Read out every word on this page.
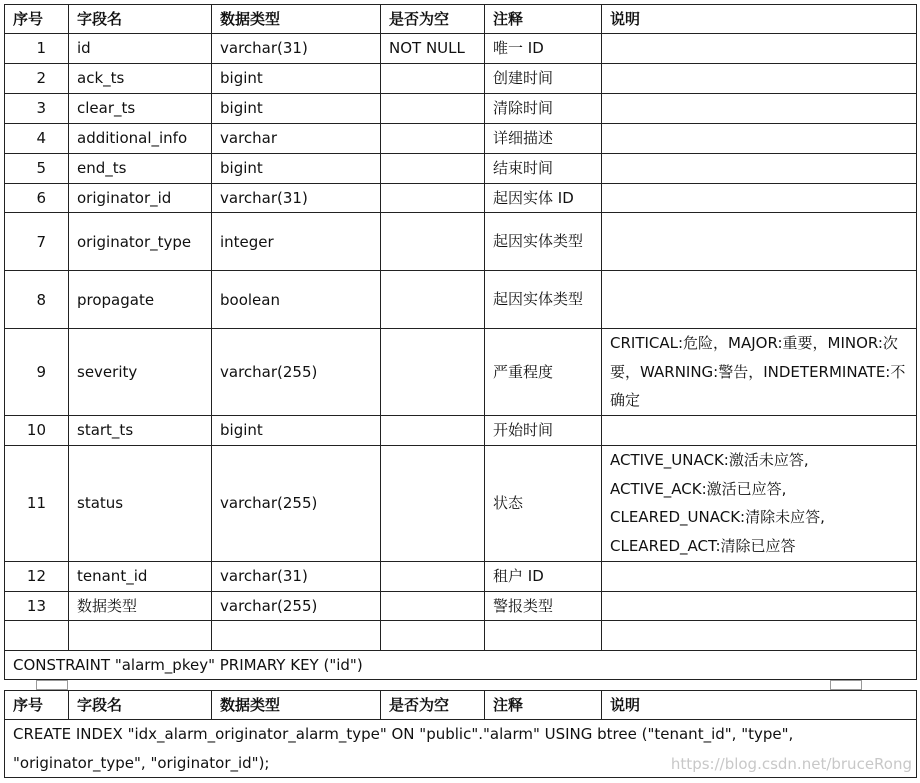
序号	字段名	数据类型	是否为空	注释	说明
1	id	varchar(31)	NOT NULL	唯一 ID	
2	ack_ts	bigint		创建时间	
3	clear_ts	bigint		清除时间	
4	additional_info	varchar		详细描述	
5	end_ts	bigint		结束时间	
6	originator_id	varchar(31)		起因实体 ID	
7	originator_type	integer		起因实体类型	
8	propagate	boolean		起因实体类型	
9	severity	varchar(255)		严重程度	CRITICAL:危险，MAJOR:重要，MINOR:次要，WARNING:警告，INDETERMINATE:不确定
10	start_ts	bigint		开始时间	
11	status	varchar(255)		状态	ACTIVE_UNACK:激活未应答, ACTIVE_ACK:激活已应答, CLEARED_UNACK:清除未应答, CLEARED_ACT:清除已应答
12	tenant_id	varchar(31)		租户 ID	
13	数据类型	varchar(255)		警报类型	

CONSTRAINT "alarm_pkey" PRIMARY KEY ("id")					
序号	字段名	数据类型	是否为空	注释	说明
CREATE INDEX "idx_alarm_originator_alarm_type" ON "public"."alarm" USING btree ("tenant_id", "type", "originator_type", "originator_id");	https://blog.csdn.net/bruceRong
